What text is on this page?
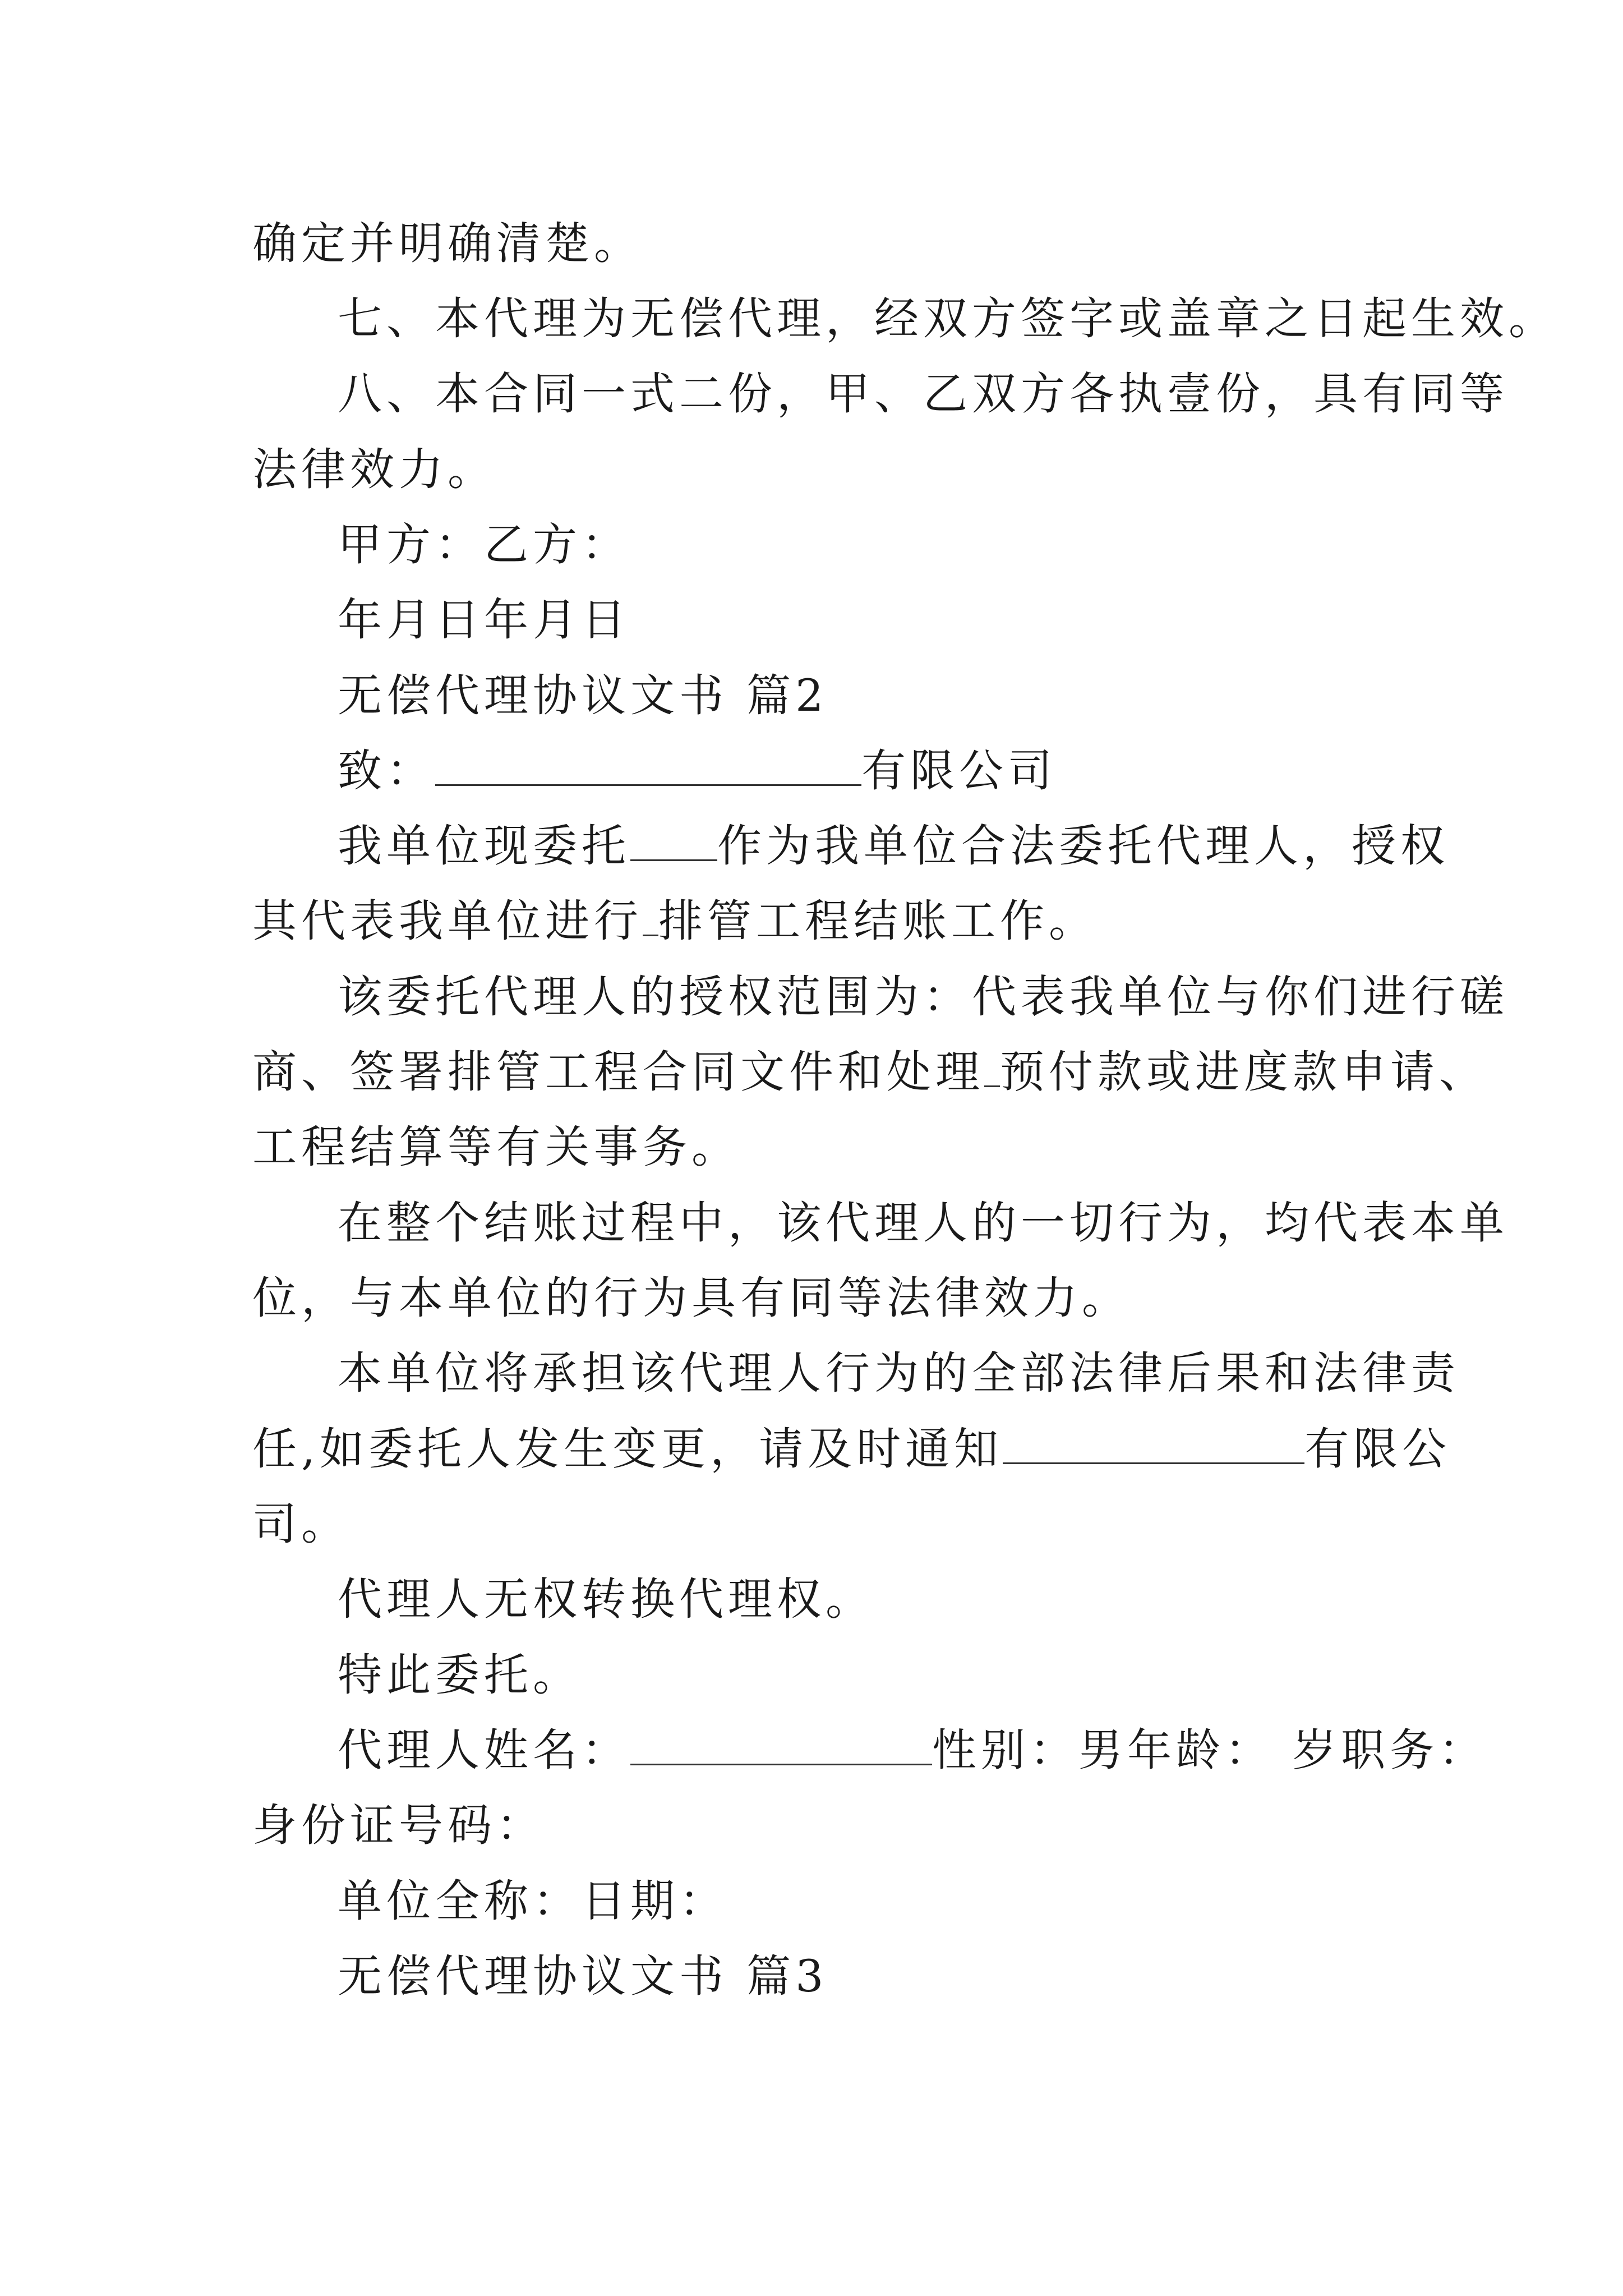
确定并明确清楚。

七、本代理为无偿代理，经双方签字或盖章之日起生效。

八、本合同一式二份，甲、乙双方各执壹份，具有同等

法律效力。

甲方：乙方：

年月日年月日

无偿代理协议文书 篇2

致：	有限公司

我单位现委托 作为我单位合法委托代理人，授权

其代表我单位进行 排管工程结账工作。

该委托代理人的授权范围为：代表我单位与你们进行磋

商、签署排管工程合同文件和处理 预付款或进度款申请、

工程结算等有关事务。

在整个结账过程中，该代理人的一切行为，均代表本单

位，与本单位的行为具有同等法律效力。

本单位将承担该代理人行为的全部法律后果和法律责

任,如委托人发生变更，请及时通知	有限公

司。

代理人无权转换代理权。

特此委托。

代理人姓名：	性别：男年龄： 岁职务：

身份证号码：

单位全称：日期：

无偿代理协议文书 篇3
